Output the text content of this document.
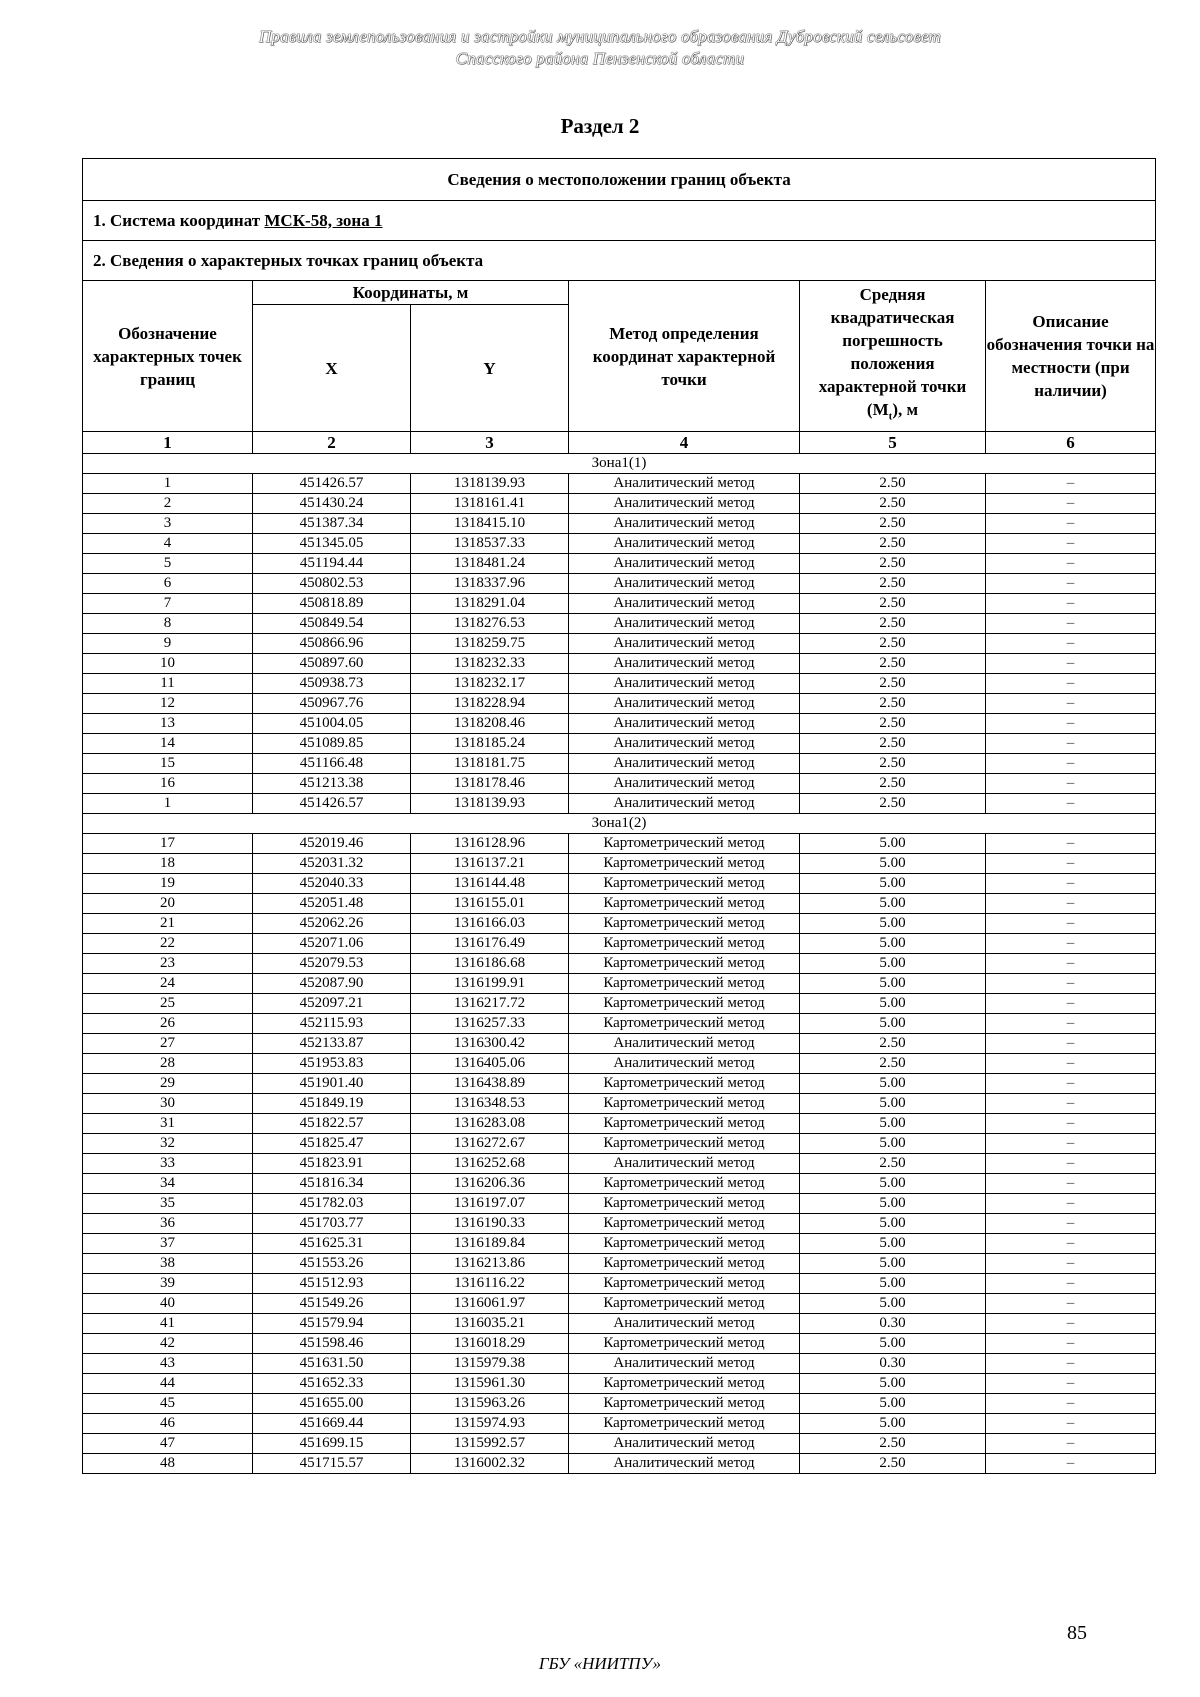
Правила землепользования и застройки муниципального образования Дубровский сельсовет
Спасского района Пензенской области
Раздел 2
Сведения о местоположении границ объекта					
1. Система координат МСК-58, зона 1					
2. Сведения о характерных точках границ объекта					
Обозначение характерных точек границ	Координаты, м		Метод определения координат характерной точки	Средняя квадратическая погрешность положения характерной точки $(M_t)$, м	Описание обозначения точки на местности (при наличии)
	X	Y			
1	2	3	4	5	6
Зона1(1)					
1	451426.57	1318139.93	Аналитический метод	2.50	–
2	451430.24	1318161.41	Аналитический метод	2.50	–
3	451387.34	1318415.10	Аналитический метод	2.50	–
4	451345.05	1318537.33	Аналитический метод	2.50	–
5	451194.44	1318481.24	Аналитический метод	2.50	–
6	450802.53	1318337.96	Аналитический метод	2.50	–
7	450818.89	1318291.04	Аналитический метод	2.50	–
8	450849.54	1318276.53	Аналитический метод	2.50	–
9	450866.96	1318259.75	Аналитический метод	2.50	–
10	450897.60	1318232.33	Аналитический метод	2.50	–
11	450938.73	1318232.17	Аналитический метод	2.50	–
12	450967.76	1318228.94	Аналитический метод	2.50	–
13	451004.05	1318208.46	Аналитический метод	2.50	–
14	451089.85	1318185.24	Аналитический метод	2.50	–
15	451166.48	1318181.75	Аналитический метод	2.50	–
16	451213.38	1318178.46	Аналитический метод	2.50	–
1	451426.57	1318139.93	Аналитический метод	2.50	–
Зона1(2)					
17	452019.46	1316128.96	Картометрический метод	5.00	–
18	452031.32	1316137.21	Картометрический метод	5.00	–
19	452040.33	1316144.48	Картометрический метод	5.00	–
20	452051.48	1316155.01	Картометрический метод	5.00	–
21	452062.26	1316166.03	Картометрический метод	5.00	–
22	452071.06	1316176.49	Картометрический метод	5.00	–
23	452079.53	1316186.68	Картометрический метод	5.00	–
24	452087.90	1316199.91	Картометрический метод	5.00	–
25	452097.21	1316217.72	Картометрический метод	5.00	–
26	452115.93	1316257.33	Картометрический метод	5.00	–
27	452133.87	1316300.42	Аналитический метод	2.50	–
28	451953.83	1316405.06	Аналитический метод	2.50	–
29	451901.40	1316438.89	Картометрический метод	5.00	–
30	451849.19	1316348.53	Картометрический метод	5.00	–
31	451822.57	1316283.08	Картометрический метод	5.00	–
32	451825.47	1316272.67	Картометрический метод	5.00	–
33	451823.91	1316252.68	Аналитический метод	2.50	–
34	451816.34	1316206.36	Картометрический метод	5.00	–
35	451782.03	1316197.07	Картометрический метод	5.00	–
36	451703.77	1316190.33	Картометрический метод	5.00	–
37	451625.31	1316189.84	Картометрический метод	5.00	–
38	451553.26	1316213.86	Картометрический метод	5.00	–
39	451512.93	1316116.22	Картометрический метод	5.00	–
40	451549.26	1316061.97	Картометрический метод	5.00	–
41	451579.94	1316035.21	Аналитический метод	0.30	–
42	451598.46	1316018.29	Картометрический метод	5.00	–
43	451631.50	1315979.38	Аналитический метод	0.30	–
44	451652.33	1315961.30	Картометрический метод	5.00	–
45	451655.00	1315963.26	Картометрический метод	5.00	–
46	451669.44	1315974.93	Картометрический метод	5.00	–
47	451699.15	1315992.57	Аналитический метод	2.50	–
48	451715.57	1316002.32	Аналитический метод	2.50	–
85
ГБУ «НИИТПУ»
